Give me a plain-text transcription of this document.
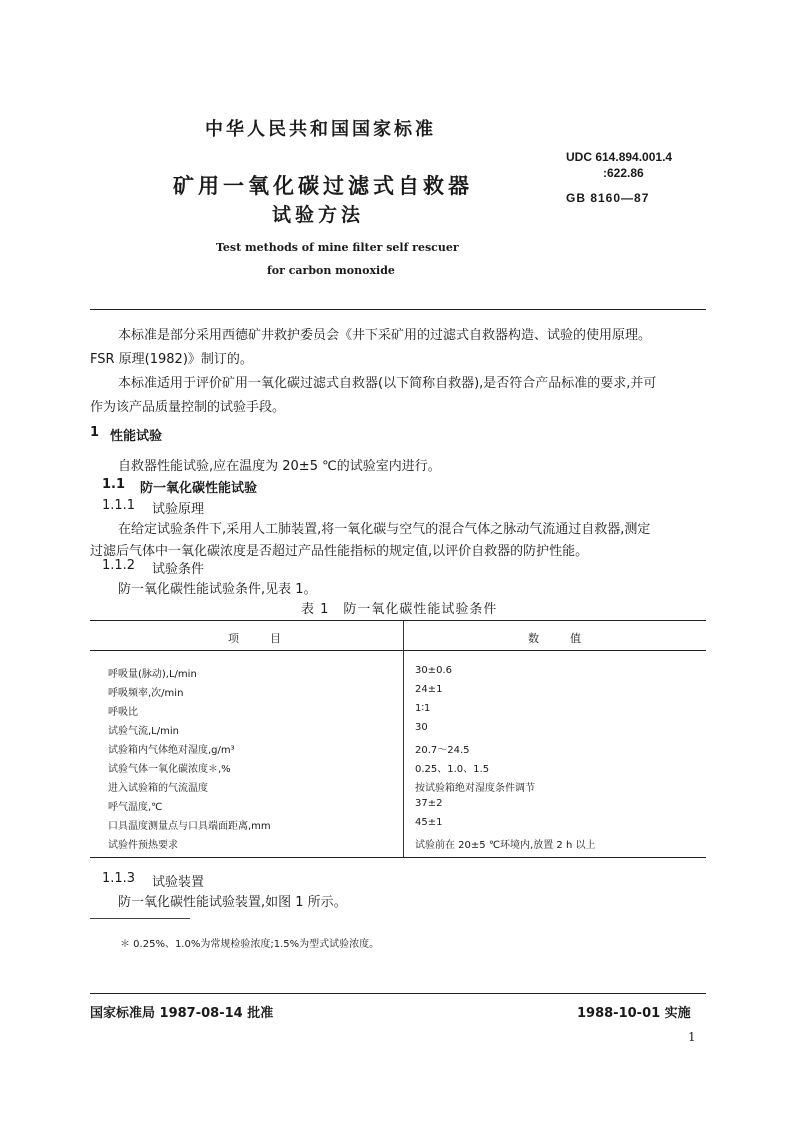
中华人民共和国国家标准
矿用一氧化碳过滤式自救器
试验方法
UDC 614.894.001.4
:622.86
GB 8160—87
Test methods of mine filter self rescuer
for carbon monoxide
本标准是部分采用西德矿井救护委员会《井下采矿用的过滤式自救器构造、试验的使用原理。
FSR 原理(1982)》制订的。
本标准适用于评价矿用一氧化碳过滤式自救器(以下简称自救器),是否符合产品标准的要求,并可
作为该产品质量控制的试验手段。
1 性能试验
自救器性能试验,应在温度为 20±5 ℃的试验室内进行。
1.1 防一氧化碳性能试验
1.1.1 试验原理
在给定试验条件下,采用人工肺装置,将一氧化碳与空气的混合气体之脉动气流通过自救器,测定
过滤后气体中一氧化碳浓度是否超过产品性能指标的规定值,以评价自救器的防护性能。
1.1.2 试验条件
防一氧化碳性能试验条件,见表 1。
表 1　防一氧化碳性能试验条件
项　目	数　值
呼吸量(脉动),L/min	30±0.6
呼吸频率,次/min	24±1
呼吸比	1∶1
试验气流,L/min	30
试验箱内气体绝对湿度,g/m³	20.7～24.5
试验气体一氧化碳浓度＊,%	0.25、1.0、1.5
进入试验箱的气流温度	按试验箱绝对湿度条件调节
呼气温度,℃	37±2
口具温度测量点与口具端面距离,mm	45±1
试验件预热要求	试验前在 20±5 ℃环境内,放置 2 h 以上
1.1.3 试验装置
防一氧化碳性能试验装置,如图 1 所示。
＊ 0.25%、1.0%为常规检验浓度;1.5%为型式试验浓度。
国家标准局 1987-08-14 批准	1988-10-01 实施
1
